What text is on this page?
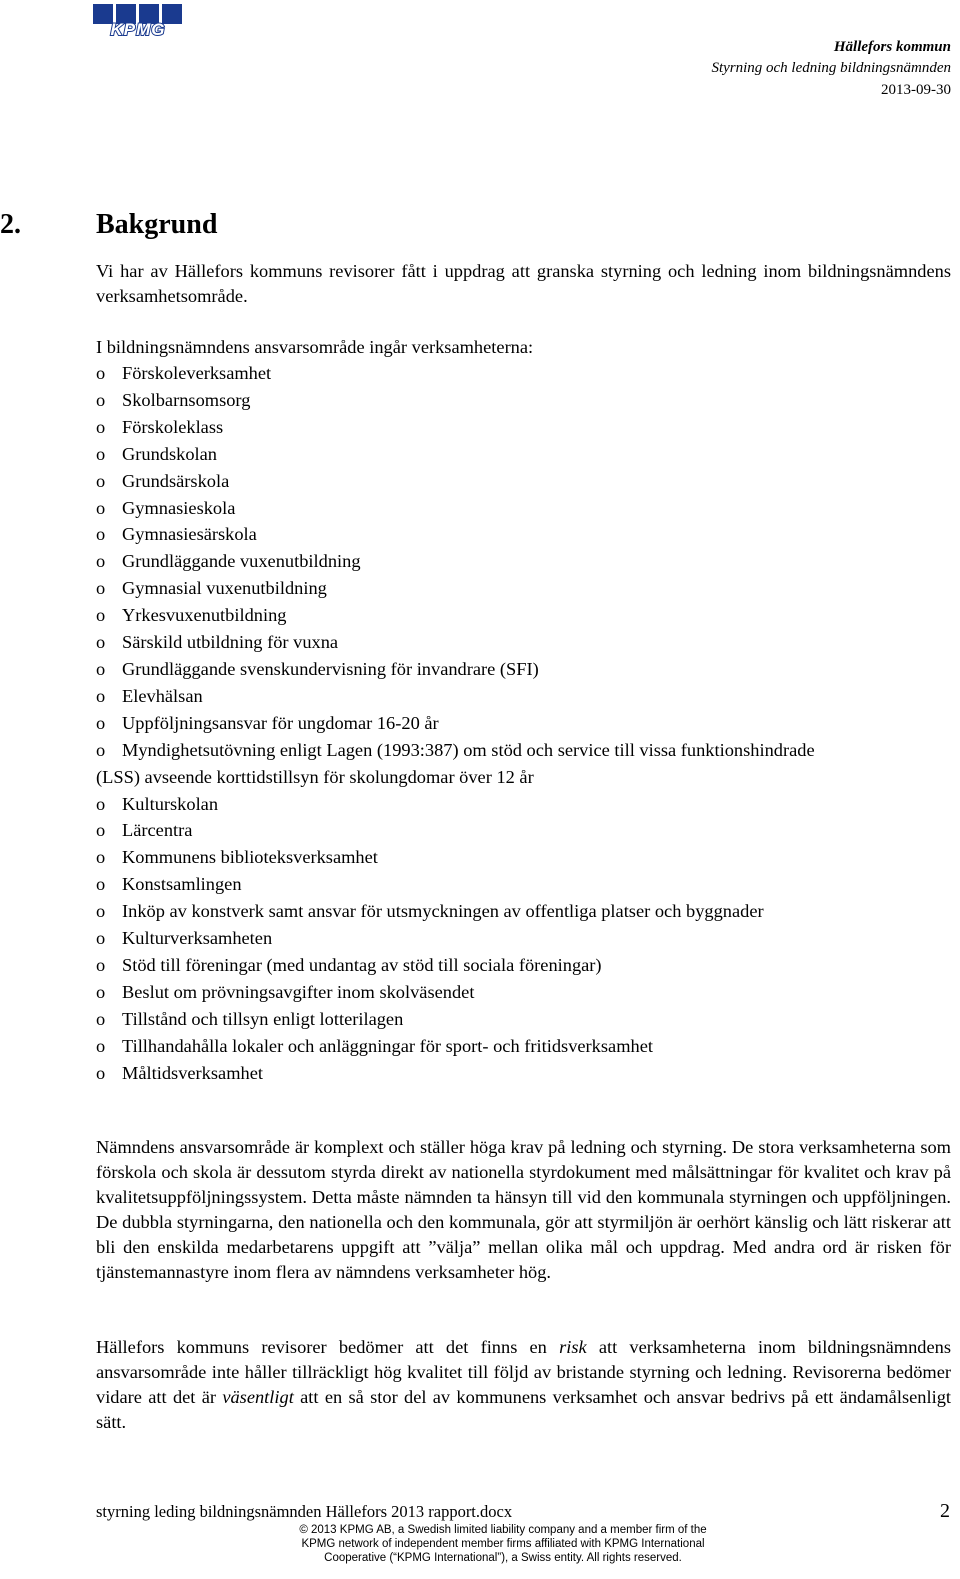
KPMG
Hällefors kommun
Styrning och ledning bildningsnämnden
2013-09-30
2.	Bakgrund

Vi har av Hällefors kommuns revisorer fått i uppdrag att granska styrning och ledning inom bildningsnämndens verksamhetsområde.

I bildningsnämndens ansvarsområde ingår verksamheterna:

o Förskoleverksamhet
o Skolbarnsomsorg
o Förskoleklass
o Grundskolan
o Grundsärskola
o Gymnasieskola
o Gymnasiesärskola
o Grundläggande vuxenutbildning
o Gymnasial vuxenutbildning
o Yrkesvuxenutbildning
o Särskild utbildning för vuxna
o Grundläggande svenskundervisning för invandrare (SFI)
o Elevhälsan
o Uppföljningsansvar för ungdomar 16-20 år
o Myndighetsutövning enligt Lagen (1993:387) om stöd och service till vissa funktionshindrade
(LSS) avseende korttidstillsyn för skolungdomar över 12 år
o Kulturskolan
o Lärcentra
o Kommunens biblioteksverksamhet
o Konstsamlingen
o Inköp av konstverk samt ansvar för utsmyckningen av offentliga platser och byggnader
o Kulturverksamheten
o Stöd till föreningar (med undantag av stöd till sociala föreningar)
o Beslut om prövningsavgifter inom skolväsendet
o Tillstånd och tillsyn enligt lotterilagen
o Tillhandahålla lokaler och anläggningar för sport- och fritidsverksamhet
o Måltidsverksamhet

Nämndens ansvarsområde är komplext och ställer höga krav på ledning och styrning. De stora verksamheterna som förskola och skola är dessutom styrda direkt av nationella styrdokument med målsättningar för kvalitet och krav på kvalitetsuppföljningssystem. Detta måste nämnden ta hänsyn till vid den kommunala styrningen och uppföljningen. De dubbla styrningarna, den nationella och den kommunala, gör att styrmiljön är oerhört känslig och lätt riskerar att bli den enskilda medarbetarens uppgift att ”välja” mellan olika mål och uppdrag. Med andra ord är risken för tjänstemannastyre inom flera av nämndens verksamheter hög.

Hällefors kommuns revisorer bedömer att det finns en risk att verksamheterna inom bildningsnämndens ansvarsområde inte håller tillräckligt hög kvalitet till följd av bristande styrning och ledning. Revisorerna bedömer vidare att det är väsentligt att en så stor del av kommunens verksamhet och ansvar bedrivs på ett ändamålsenligt sätt.

styrning leding bildningsnämnden Hällefors 2013 rapport.docx	2
© 2013 KPMG AB, a Swedish limited liability company and a member firm of the
KPMG network of independent member firms affiliated with KPMG International
Cooperative (“KPMG International”), a Swiss entity. All rights reserved.
